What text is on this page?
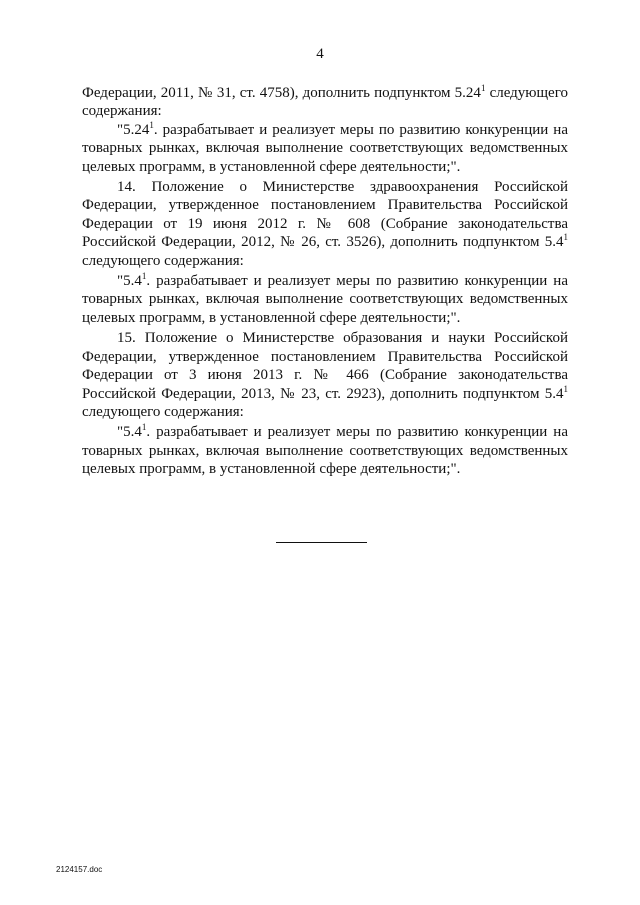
4

Федерации, 2011, № 31, ст. 4758), дополнить подпунктом 5.24$^1$ следующего содержания:

"5.24$^1$. разрабатывает и реализует меры по развитию конкуренции на товарных рынках, включая выполнение соответствующих ведомственных целевых программ, в установленной сфере деятельности;".

14. Положение о Министерстве здравоохранения Российской Федерации, утвержденное постановлением Правительства Российской Федерации от 19 июня 2012 г. № 608 (Собрание законодательства Российской Федерации, 2012, № 26, ст. 3526), дополнить подпунктом $5.4^1$ следующего содержания:

"$5.4^1$. разрабатывает и реализует меры по развитию конкуренции на товарных рынках, включая выполнение соответствующих ведомственных целевых программ, в установленной сфере деятельности;".

15. Положение о Министерстве образования и науки Российской Федерации, утвержденное постановлением Правительства Российской Федерации от 3 июня 2013 г. № 466 (Собрание законодательства Российской Федерации, 2013, № 23, ст. 2923), дополнить подпунктом $5.4^1$ следующего содержания:

"$5.4^1$. разрабатывает и реализует меры по развитию конкуренции на товарных рынках, включая выполнение соответствующих ведомственных целевых программ, в установленной сфере деятельности;".

2124157.doc
